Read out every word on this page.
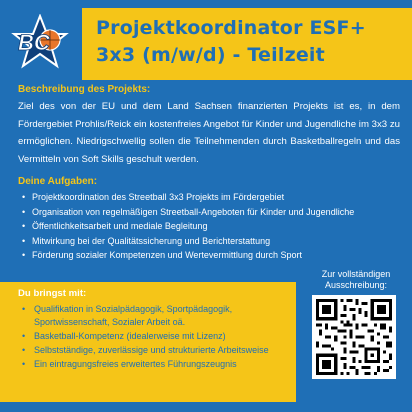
BC
Projektkoordinator ESF+
3x3 (m/w/d) - Teilzeit
Beschreibung des Projekts:

Ziel des von der EU und dem Land Sachsen finanzierten Projekts ist es, in dem Fördergebiet Prohlis/Reick ein kostenfreies Angebot für Kinder und Jugendliche im 3x3 zu ermöglichen. Niedrigschwellig sollen die Teilnehmenden durch Basketballregeln und das Vermitteln von Soft Skills geschult werden.

Deine Aufgaben:
• Projektkoordination des Streetball 3x3 Projekts im Fördergebiet
• Organisation von regelmäßigen Streetball-Angeboten für Kinder und Jugendliche
• Öffentlichkeitsarbeit und mediale Begleitung
• Mitwirkung bei der Qualitätssicherung und Berichterstattung
• Förderung sozialer Kompetenzen und Wertevermittlung durch Sport
Du bringst mit:
• Qualifikation in Sozialpädagogik, Sportpädagogik, Sportwissenschaft, Sozialer Arbeit oä.
• Basketball-Kompetenz (idealerweise mit Lizenz)
• Selbstständige, zuverlässige und strukturierte Arbeitsweise
• Ein eintragungsfreies erweitertes Führungszeugnis
Zur vollständigen Ausschreibung:
